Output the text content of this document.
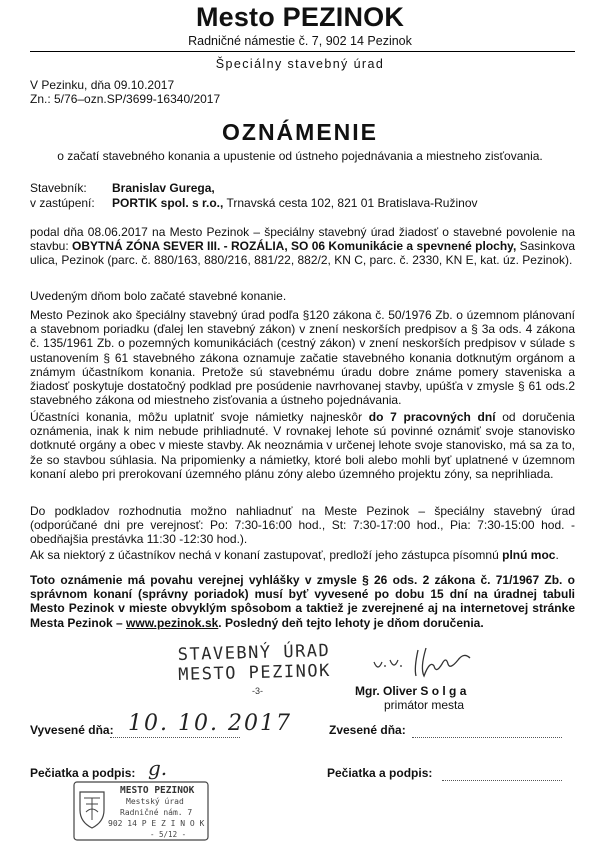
Mesto PEZINOK
Radničné námestie č. 7, 902 14 Pezinok
Špeciálny stavebný úrad
V Pezinku, dňa 09.10.2017
Zn.: 5/76–ozn.SP/3699-16340/2017
OZNÁMENIE
o začatí stavebného konania a upustenie od ústneho pojednávania a miestneho zisťovania.
Stavebník: Branislav Gurega,
v zastúpení: PORTIK spol. s r.o., Trnavská cesta 102, 821 01 Bratislava-Ružinov
podal dňa 08.06.2017 na Mesto Pezinok – špeciálny stavebný úrad žiadosť o stavebné povolenie na stavbu: OBYTNÁ ZÓNA SEVER III. - ROZÁLIA, SO 06 Komunikácie a spevnené plochy, Sasinkova ulica, Pezinok (parc. č. 880/163, 880/216, 881/22, 882/2, KN C, parc. č. 2330, KN E, kat. úz. Pezinok).
Uvedeným dňom bolo začaté stavebné konanie.
Mesto Pezinok ako špeciálny stavebný úrad podľa §120 zákona č. 50/1976 Zb. o územnom plánovaní a stavebnom poriadku (ďalej len stavebný zákon) v znení neskorších predpisov a § 3a ods. 4 zákona č. 135/1961 Zb. o pozemných komunikáciách (cestný zákon) v znení neskorších predpisov v súlade s ustanovením § 61 stavebného zákona oznamuje začatie stavebného konania dotknutým orgánom a známym účastníkom konania. Pretože sú stavebnému úradu dobre známe pomery staveniska a žiadosť poskytuje dostatočný podklad pre posúdenie navrhovanej stavby, upúšťa v zmysle § 61 ods.2 stavebného zákona od miestneho zisťovania a ústneho pojednávania.
Účastníci konania, môžu uplatniť svoje námietky najneskôr do 7 pracovných dní od doručenia oznámenia, inak k nim nebude prihliadnuté. V rovnakej lehote sú povinné oznámiť svoje stanovisko dotknuté orgány a obec v mieste stavby. Ak neoznámia v určenej lehote svoje stanovisko, má sa za to, že so stavbou súhlasia. Na pripomienky a námietky, ktoré boli alebo mohli byť uplatnené v územnom konaní alebo pri prerokovaní územného plánu zóny alebo územného projektu zóny, sa neprihliada.
Do podkladov rozhodnutia možno nahliadnuť na Meste Pezinok – špeciálny stavebný úrad (odporúčané dni pre verejnosť: Po: 7:30-16:00 hod., St: 7:30-17:00 hod., Pia: 7:30-15:00 hod. - obedňajšia prestávka 11:30 -12:30 hod.).
Ak sa niektorý z účastníkov nechá v konaní zastupovať, predloží jeho zástupca písomnú plnú moc.
Toto oznámenie má povahu verejnej vyhlášky v zmysle § 26 ods. 2 zákona č. 71/1967 Zb. o správnom konaní (správny poriadok) musí byť vyvesené po dobu 15 dní na úradnej tabuli Mesto Pezinok v mieste obvyklým spôsobom a taktiež je zverejnené aj na internetovej stránke Mesta Pezinok – www.pezinok.sk. Posledný deň tejto lehoty je dňom doručenia.
STAVEBNÝ ÚRAD
MESTO PEZINOK
-3-	Mgr. Oliver S o l g a
primátor mesta
Vyvesené dňa: 10. 10. 2017	Zvesené dňa:
Pečiatka a podpis: g.	Pečiatka a podpis:
MESTO PEZINOK
Mestský úrad
Radničné nám. 7
902 14 P E Z I N O K
- 5/12 -
